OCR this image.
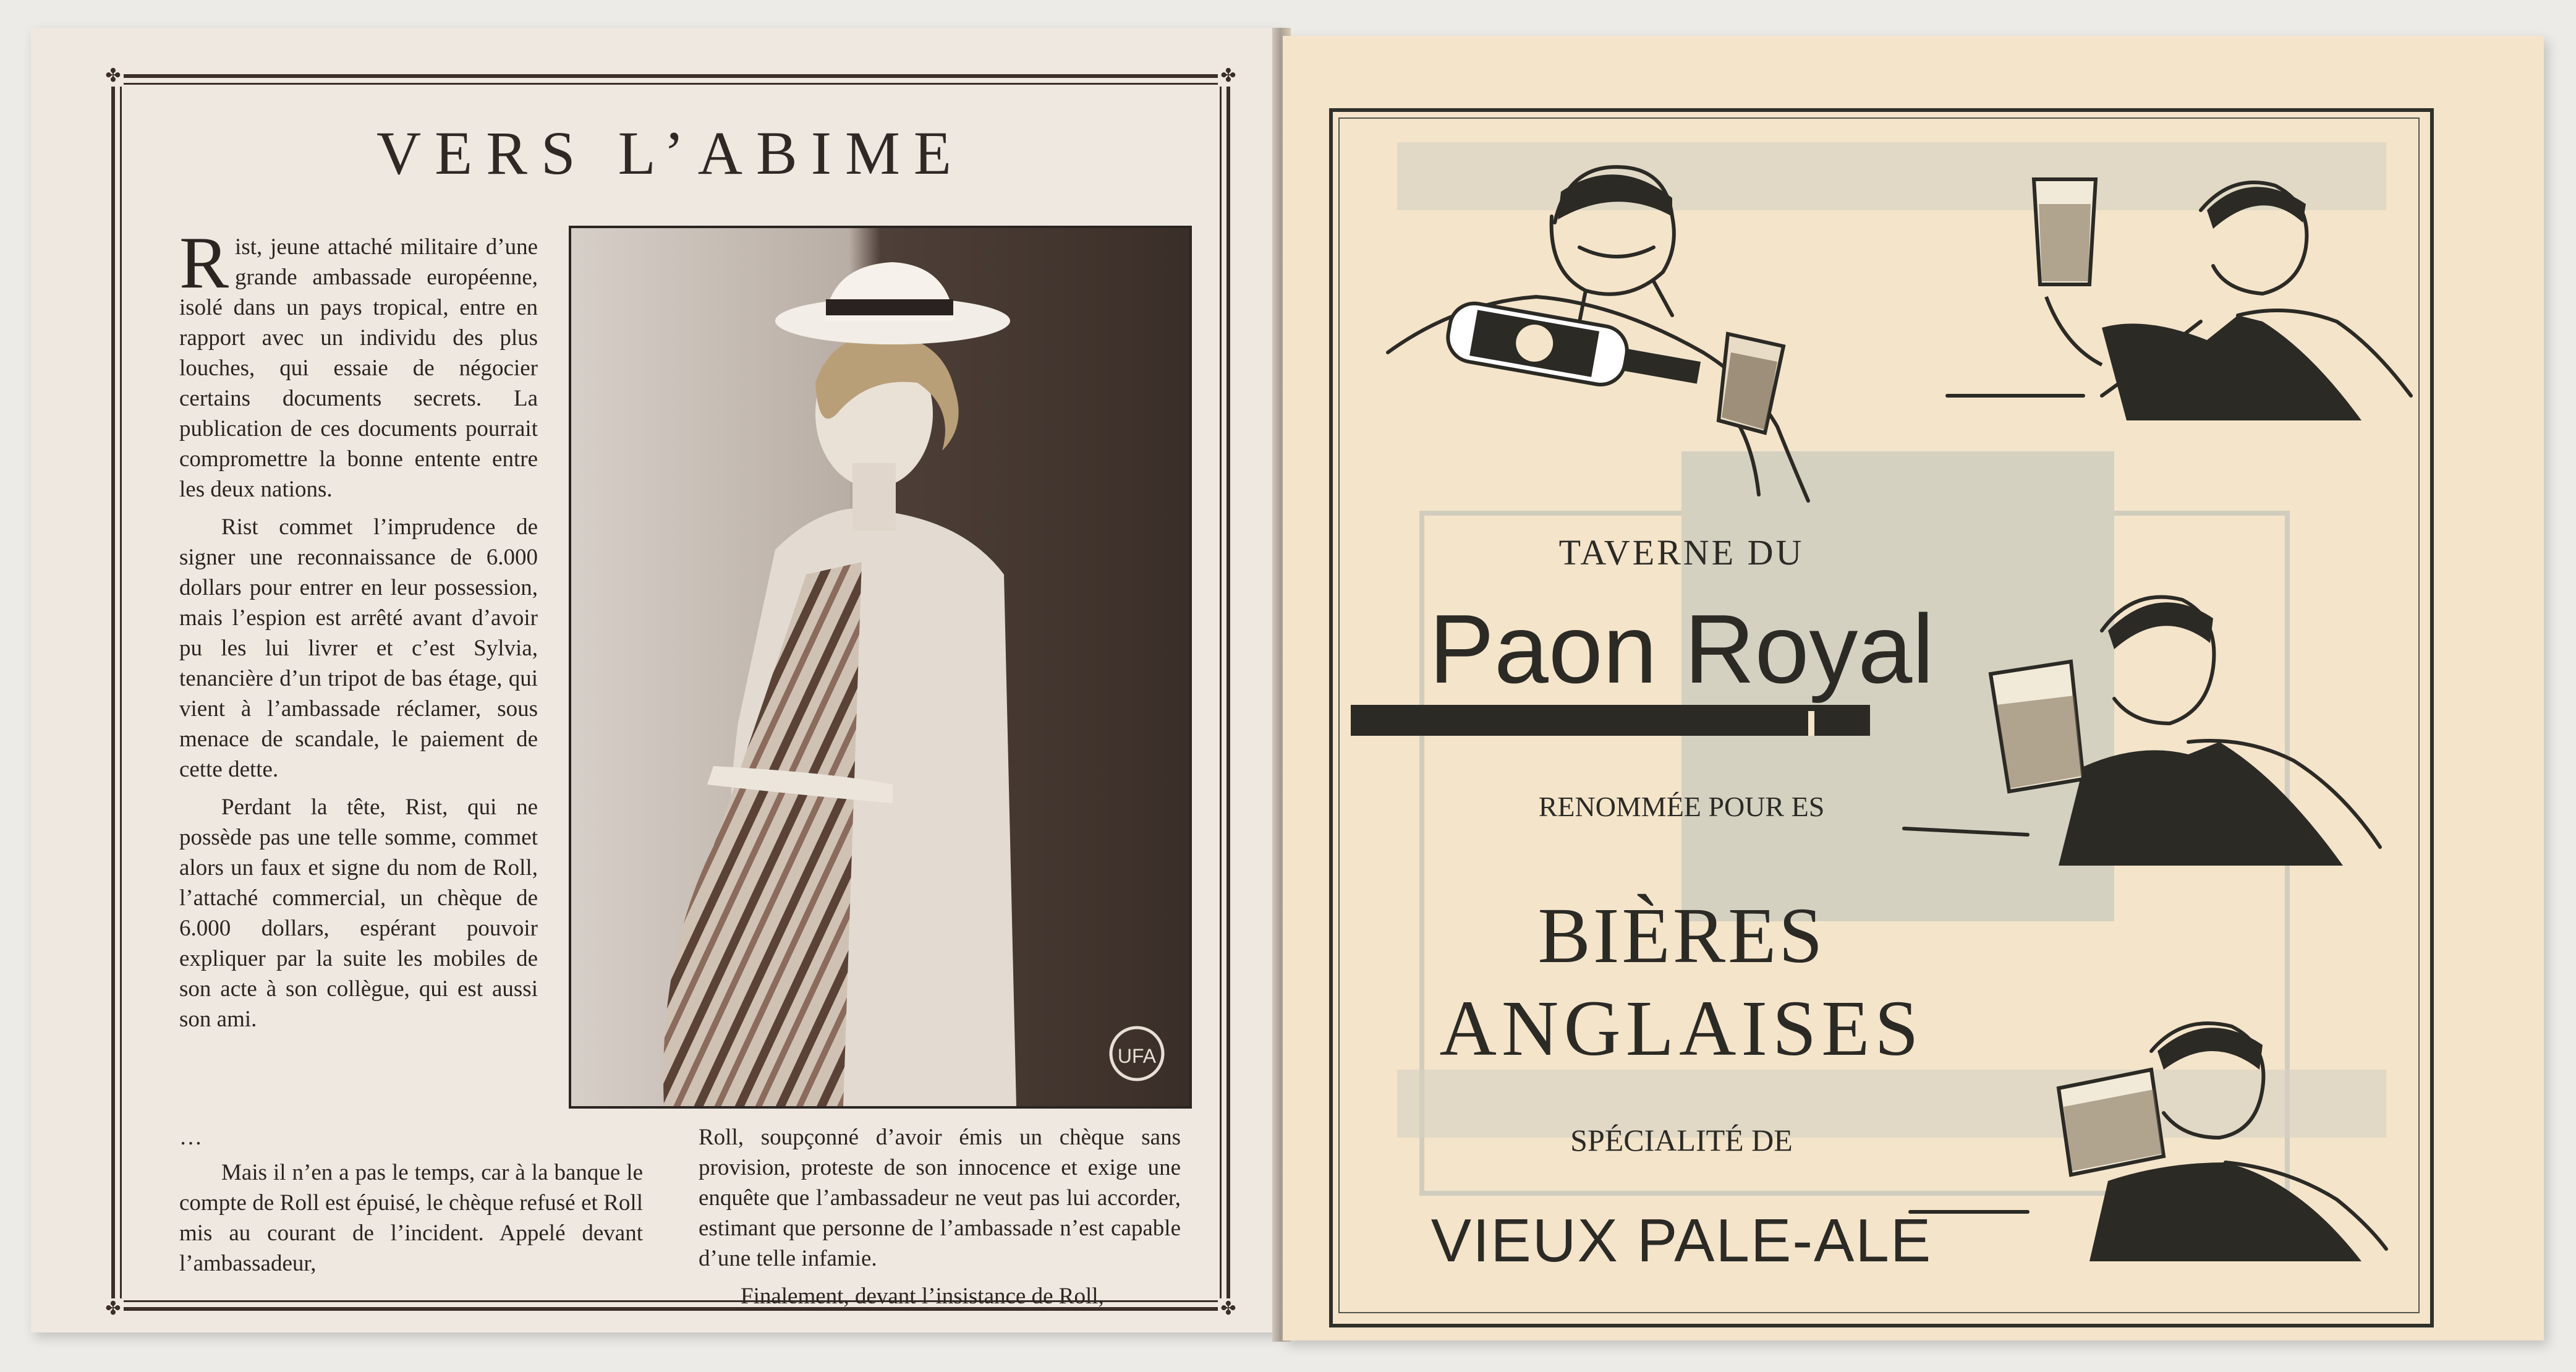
✤	✤
✤	✤
VERS L’ABIME

Rist, jeune attaché militaire d’une grande ambassade européenne, isolé dans un pays tropical, entre en rapport avec un individu des plus louches, qui essaie de négocier certains documents secrets. La publication de ces documents pourrait compromettre la bonne entente entre les deux nations.

Rist commet l’imprudence de signer une reconnaissance de 6.000 dollars pour entrer en leur possession, mais l’espion est arrêté avant d’avoir pu les lui livrer et c’est Sylvia, tenancière d’un tripot de bas étage, qui vient à l’ambassade réclamer, sous menace de scandale, le paiement de cette dette.

Perdant la tête, Rist, qui ne possède pas une telle somme, commet alors un faux et signe du nom de Roll, l’attaché commercial, un chèque de 6.000 dollars, espérant pouvoir expliquer par la suite les mobiles de son acte à son collègue, qui est aussi son ami.

UFA

…

Mais il n’en a pas le temps, car à la banque le compte de Roll est épuisé, le chèque refusé et Roll mis au courant de l’incident. Appelé devant l’ambassadeur,

Roll, soupçonné d’avoir émis un chèque sans provision, proteste de son innocence et exige une enquête que l’ambassadeur ne veut pas lui accorder, estimant que personne de l’ambassade n’est capable d’une telle infamie.

Finalement, devant l’insistance de Roll,

TAVERNE DU
Paon Royal
RENOMMÉE POUR ES
BIÈRES
ANGLAISES
SPÉCIALITÉ DE
VIEUX PALE-ALE
